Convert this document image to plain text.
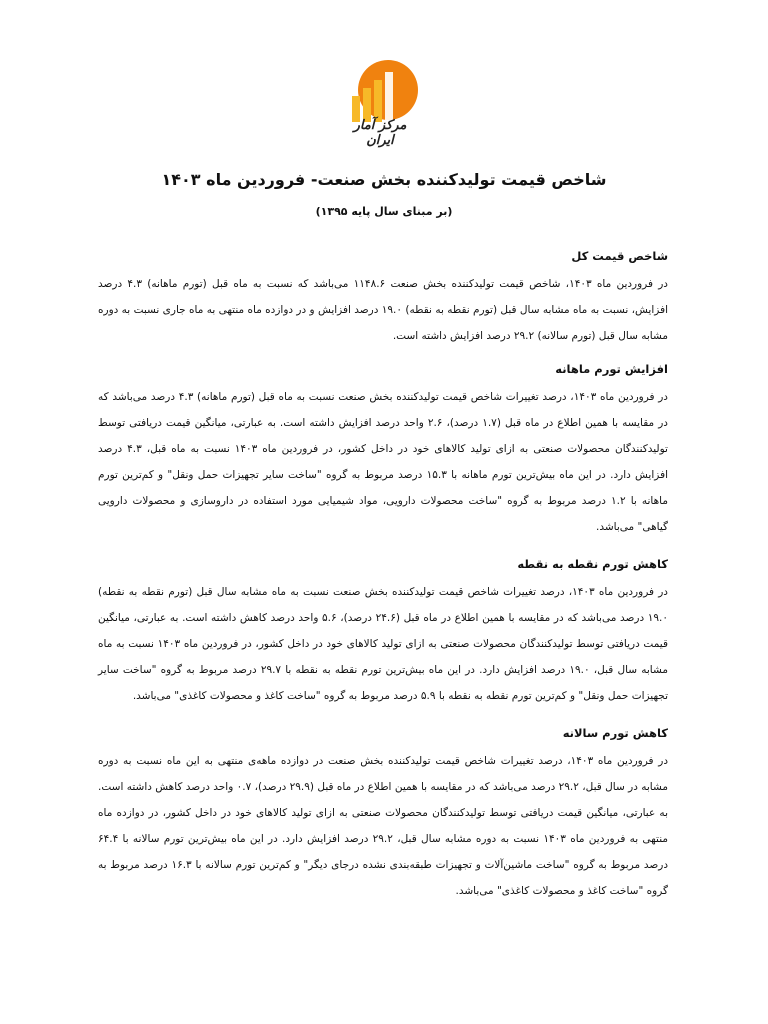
مرکز آمار ایران
شاخص قیمت تولیدکننده بخش صنعت- فروردین ماه ۱۴۰۳
(بر مبنای سال پایه ۱۳۹۵)
شاخص قیمت کل

در فروردین ماه ۱۴۰۳، شاخص قیمت تولیدکننده بخش صنعت ۱۱۴۸.۶ می‌باشد که نسبت به ماه قبل (تورم ماهانه) ۴.۳ درصد افزایش، نسبت به ماه مشابه سال قبل (تورم نقطه به نقطه) ۱۹.۰ درصد افزایش و در دوازده ماه منتهی به ماه جاری نسبت به دوره مشابه سال قبل (تورم سالانه) ۲۹.۲ درصد افزایش داشته است.

افزایش تورم ماهانه

در فروردین ماه ۱۴۰۳، درصد تغییرات شاخص قیمت تولیدکننده بخش صنعت نسبت به ماه قبل (تورم ماهانه) ۴.۳ درصد می‌باشد که در مقایسه با همین اطلاع در ماه قبل (۱.۷ درصد)، ۲.۶ واحد درصد افزایش داشته است. به عبارتی، میانگین قیمت دریافتی توسط تولیدکنندگان محصولات صنعتی به ازای تولید کالاهای خود در داخل کشور، در فروردین ماه ۱۴۰۳ نسبت به ماه قبل، ۴.۳ درصد افزایش دارد. در این ماه بیش‌ترین تورم ماهانه با ۱۵.۳ درصد مربوط به گروه "ساخت سایر تجهیزات حمل ونقل" و کم‌ترین تورم ماهانه با ۱.۲ درصد مربوط به گروه "ساخت محصولات دارویی، مواد شیمیایی مورد استفاده در داروسازی و محصولات دارویی گیاهی" می‌باشد.

کاهش تورم نقطه به نقطه

در فروردین ماه ۱۴۰۳، درصد تغییرات شاخص قیمت تولیدکننده بخش صنعت نسبت به ماه مشابه سال قبل (تورم نقطه به نقطه) ۱۹.۰ درصد می‌باشد که در مقایسه با همین اطلاع در ماه قبل (۲۴.۶ درصد)، ۵.۶ واحد درصد کاهش داشته است. به عبارتی، میانگین قیمت دریافتی توسط تولیدکنندگان محصولات صنعتی به ازای تولید کالاهای خود در داخل کشور، در فروردین ماه ۱۴۰۳ نسبت به ماه مشابه سال قبل، ۱۹.۰ درصد افزایش دارد. در این ماه بیش‌ترین تورم نقطه به نقطه با ۲۹.۷ درصد مربوط به گروه "ساخت سایر تجهیزات حمل ونقل" و کم‌ترین تورم نقطه به نقطه با ۵.۹ درصد مربوط به گروه "ساخت کاغذ و محصولات کاغذی" می‌باشد.

کاهش تورم سالانه

در فروردین ماه ۱۴۰۳، درصد تغییرات شاخص قیمت تولیدکننده بخش صنعت در دوازده ماهه‌ی منتهی به این ماه نسبت به دوره مشابه در سال قبل، ۲۹.۲ درصد می‌باشد که در مقایسه با همین اطلاع در ماه قبل (۲۹.۹ درصد)، ۰.۷ واحد درصد کاهش داشته است. به عبارتی، میانگین قیمت دریافتی توسط تولیدکنندگان محصولات صنعتی به ازای تولید کالاهای خود در داخل کشور، در دوازده ماه منتهی به فروردین ماه ۱۴۰۳ نسبت به دوره مشابه سال قبل، ۲۹.۲ درصد افزایش دارد. در این ماه بیش‌ترین تورم سالانه با ۶۴.۴ درصد مربوط به گروه "ساخت ماشین‌آلات و تجهیزات طبقه‌بندی نشده درجای دیگر" و کم‌ترین تورم سالانه با ۱۶.۳ درصد مربوط به گروه "ساخت کاغذ و محصولات کاغذی" می‌باشد.
